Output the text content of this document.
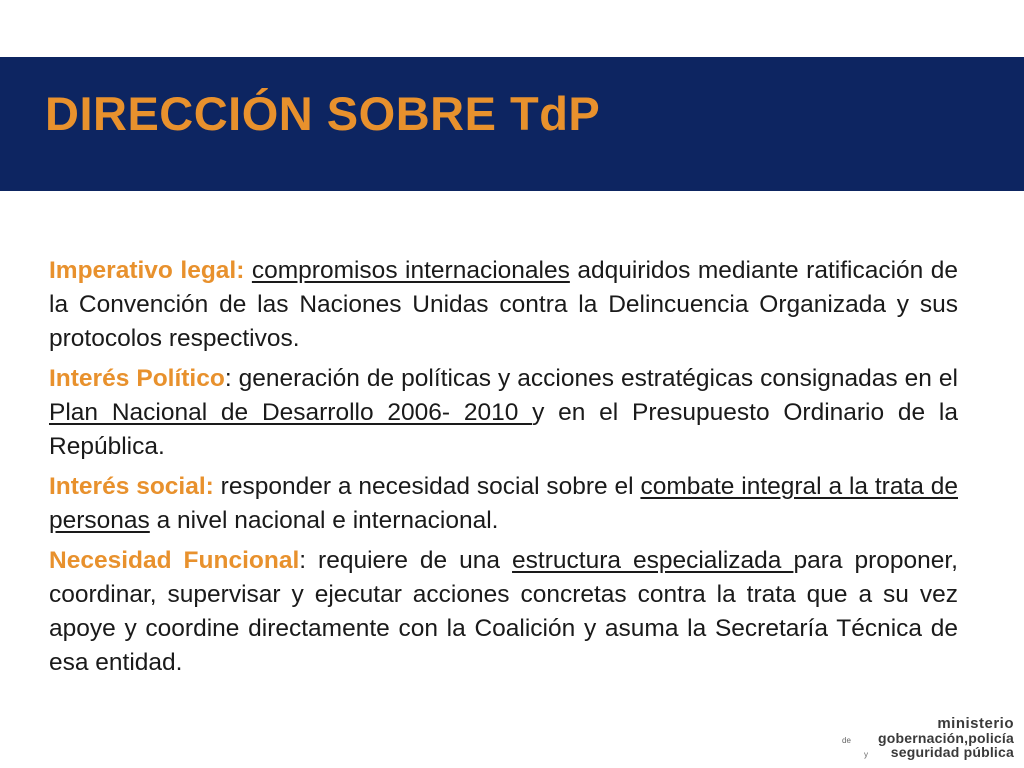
DIRECCIÓN SOBRE TdP

Imperativo legal: compromisos internacionales adquiridos mediante ratificación de la Convención de las Naciones Unidas contra la Delincuencia Organizada y sus protocolos respectivos.

Interés Político: generación de políticas y acciones estratégicas consignadas en el Plan Nacional de Desarrollo 2006- 2010 y en el Presupuesto Ordinario de la República.

Interés social: responder a necesidad social sobre el combate integral a la trata de personas a nivel nacional e internacional.

Necesidad Funcional: requiere de una estructura especializada para proponer, coordinar, supervisar y ejecutar acciones concretas contra la trata que a su vez apoye y coordine directamente con la Coalición y asuma la Secretaría Técnica de esa entidad.

ministerio
de gobernación,policía
y seguridad pública
